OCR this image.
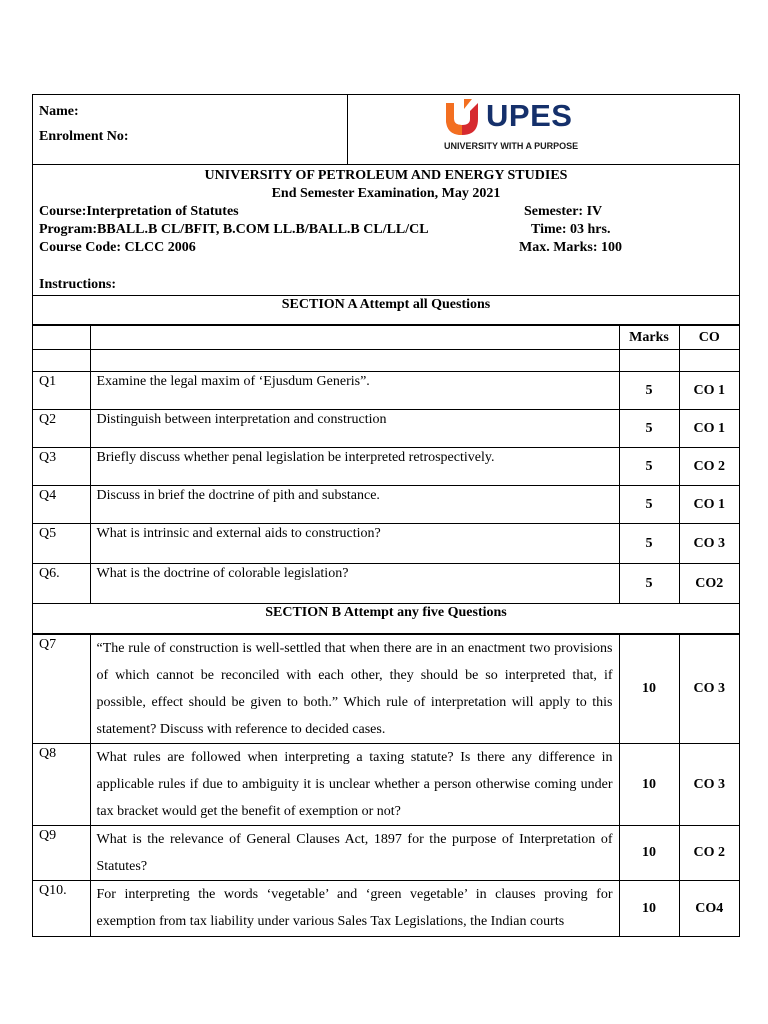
Name:
Enrolment No:
UPES
UNIVERSITY WITH A PURPOSE
UNIVERSITY OF PETROLEUM AND ENERGY STUDIES
End Semester Examination, May 2021
Course:Interpretation of Statutes	Semester: IV
Program:BBALL.B CL/BFIT, B.COM LL.B/BALL.B CL/LL/CL	Time: 03 hrs.
Course Code: CLCC 2006	Max. Marks: 100
Instructions:
SECTION A Attempt all Questions
		Marks	CO

Q1	Examine the legal maxim of ‘Ejusdum Generis”.	5	CO 1
Q2	Distinguish between interpretation and construction	5	CO 1
Q3	Briefly discuss whether penal legislation be interpreted retrospectively.	5	CO 2
Q4	Discuss in brief the doctrine of pith and substance.	5	CO 1
Q5	What is intrinsic and external aids to construction?	5	CO 3
Q6.	What is the doctrine of colorable legislation?	5	CO2
SECTION B Attempt any five Questions
Q7	“The rule of construction is well-settled that when there are in an enactment two provisions of which cannot be reconciled with each other, they should be so interpreted that, if possible, effect should be given to both.” Which rule of interpretation will apply to this statement? Discuss with reference to decided cases.	10	CO 3
Q8	What rules are followed when interpreting a taxing statute? Is there any difference in applicable rules if due to ambiguity it is unclear whether a person otherwise coming under tax bracket would get the benefit of exemption or not?	10	CO 3
Q9	What is the relevance of General Clauses Act, 1897 for the purpose of Interpretation of Statutes?	10	CO 2
Q10.	For interpreting the words ‘vegetable’ and ‘green vegetable’ in clauses proving for exemption from tax liability under various Sales Tax Legislations, the Indian courts	10	CO4
